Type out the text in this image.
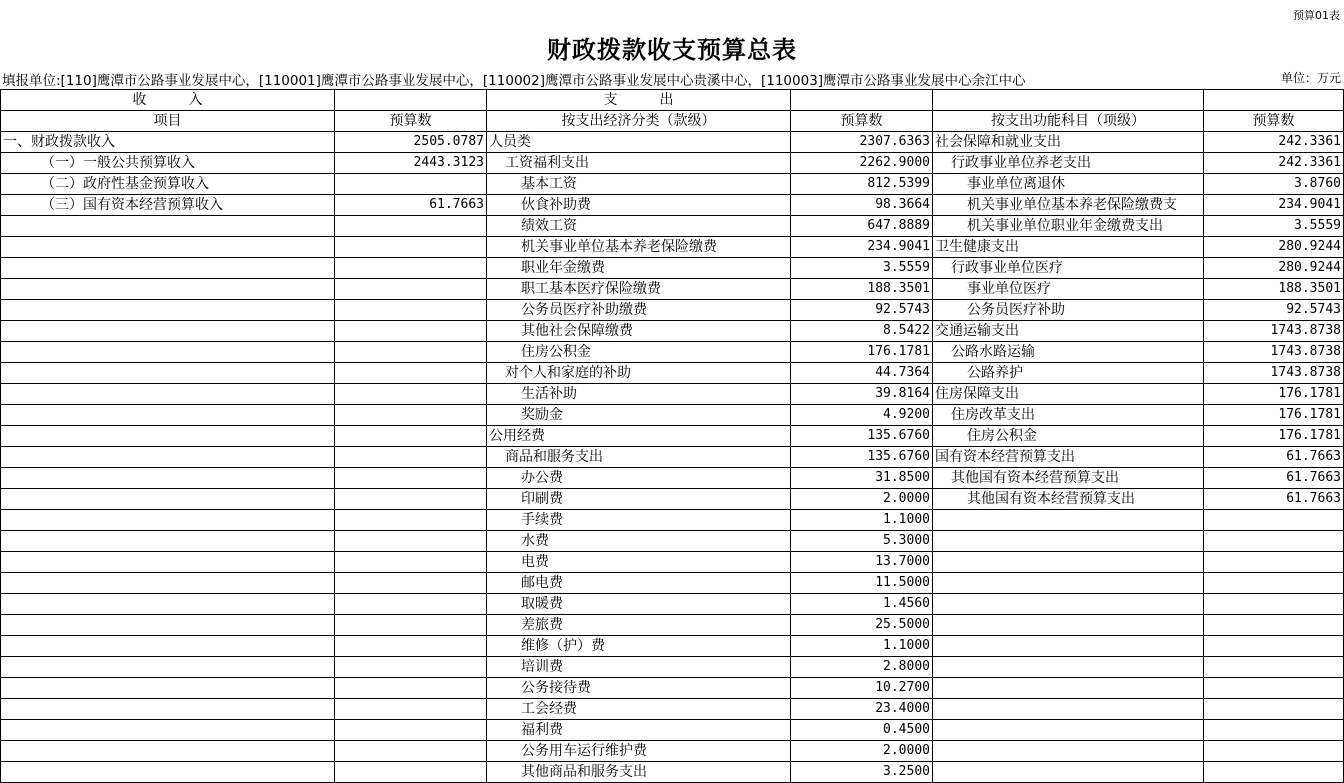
预算01表
财政拨款收支预算总表
填报单位:[110]鹰潭市公路事业发展中心，[110001]鹰潭市公路事业发展中心，[110002]鹰潭市公路事业发展中心贵溪中心，[110003]鹰潭市公路事业发展中心余江中心	单位：万元
收　　　入		支　　　出			
项目	预算数	按支出经济分类（款级）	预算数	按支出功能科目（项级）	预算数
一、财政拨款收入	2505.0787	人员类	2307.6363	社会保障和就业支出	242.3361
（一）一般公共预算收入	2443.3123	工资福利支出	2262.9000	行政事业单位养老支出	242.3361
（二）政府性基金预算收入		基本工资	812.5399	事业单位离退休	3.8760
（三）国有资本经营预算收入	61.7663	伙食补助费	98.3664	机关事业单位基本养老保险缴费支	234.9041
		绩效工资	647.8889	机关事业单位职业年金缴费支出	3.5559
		机关事业单位基本养老保险缴费	234.9041	卫生健康支出	280.9244
		职业年金缴费	3.5559	行政事业单位医疗	280.9244
		职工基本医疗保险缴费	188.3501	事业单位医疗	188.3501
		公务员医疗补助缴费	92.5743	公务员医疗补助	92.5743
		其他社会保障缴费	8.5422	交通运输支出	1743.8738
		住房公积金	176.1781	公路水路运输	1743.8738
		对个人和家庭的补助	44.7364	公路养护	1743.8738
		生活补助	39.8164	住房保障支出	176.1781
		奖励金	4.9200	住房改革支出	176.1781
		公用经费	135.6760	住房公积金	176.1781
		商品和服务支出	135.6760	国有资本经营预算支出	61.7663
		办公费	31.8500	其他国有资本经营预算支出	61.7663
		印刷费	2.0000	其他国有资本经营预算支出	61.7663
		手续费	1.1000		
		水费	5.3000		
		电费	13.7000		
		邮电费	11.5000		
		取暖费	1.4560		
		差旅费	25.5000		
		维修（护）费	1.1000		
		培训费	2.8000		
		公务接待费	10.2700		
		工会经费	23.4000		
		福利费	0.4500		
		公务用车运行维护费	2.0000		
		其他商品和服务支出	3.2500		
